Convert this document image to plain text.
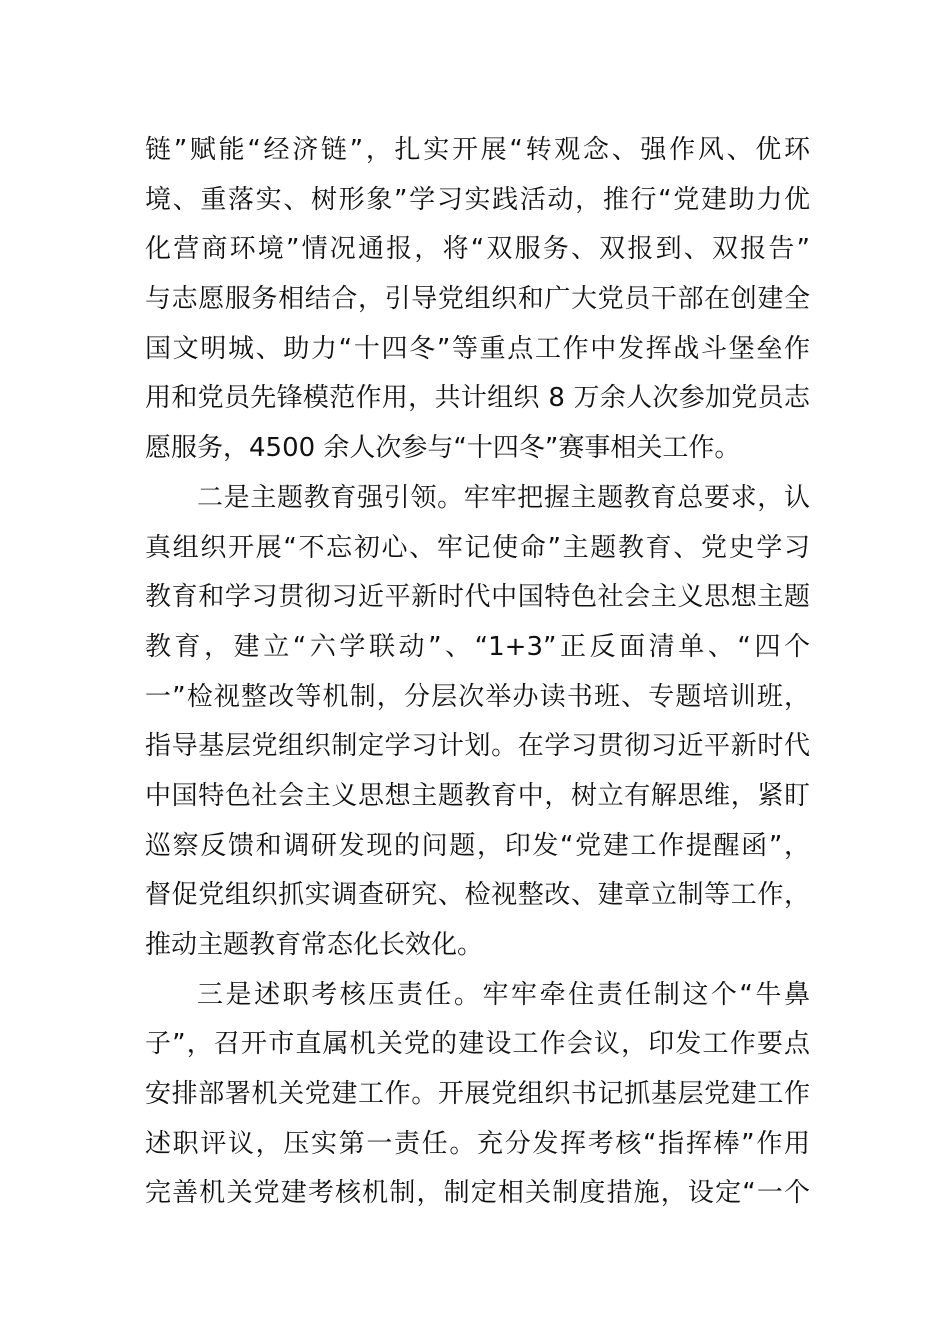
链”赋能“经济链”，扎实开展“转观念、强作风、优环
境、重落实、树形象”学习实践活动，推行“党建助力优
化营商环境”情况通报，将“双服务、双报到、双报告”
与志愿服务相结合，引导党组织和广大党员干部在创建全
国文明城、助力“十四冬”等重点工作中发挥战斗堡垒作
用和党员先锋模范作用，共计组织 8 万余人次参加党员志
愿服务，4500 余人次参与“十四冬”赛事相关工作。
二是主题教育强引领。牢牢把握主题教育总要求，认
真组织开展“不忘初心、牢记使命”主题教育、党史学习
教育和学习贯彻习近平新时代中国特色社会主义思想主题
教育，建立“六学联动”、“1+3”正反面清单、“四个
一”检视整改等机制，分层次举办读书班、专题培训班，
指导基层党组织制定学习计划。在学习贯彻习近平新时代
中国特色社会主义思想主题教育中，树立有解思维，紧盯
巡察反馈和调研发现的问题，印发“党建工作提醒函”，
督促党组织抓实调查研究、检视整改、建章立制等工作，
推动主题教育常态化长效化。
三是述职考核压责任。牢牢牵住责任制这个“牛鼻
子”，召开市直属机关党的建设工作会议，印发工作要点
安排部署机关党建工作。开展党组织书记抓基层党建工作
述职评议，压实第一责任。充分发挥考核“指挥棒”作用
完善机关党建考核机制，制定相关制度措施，设定“一个
